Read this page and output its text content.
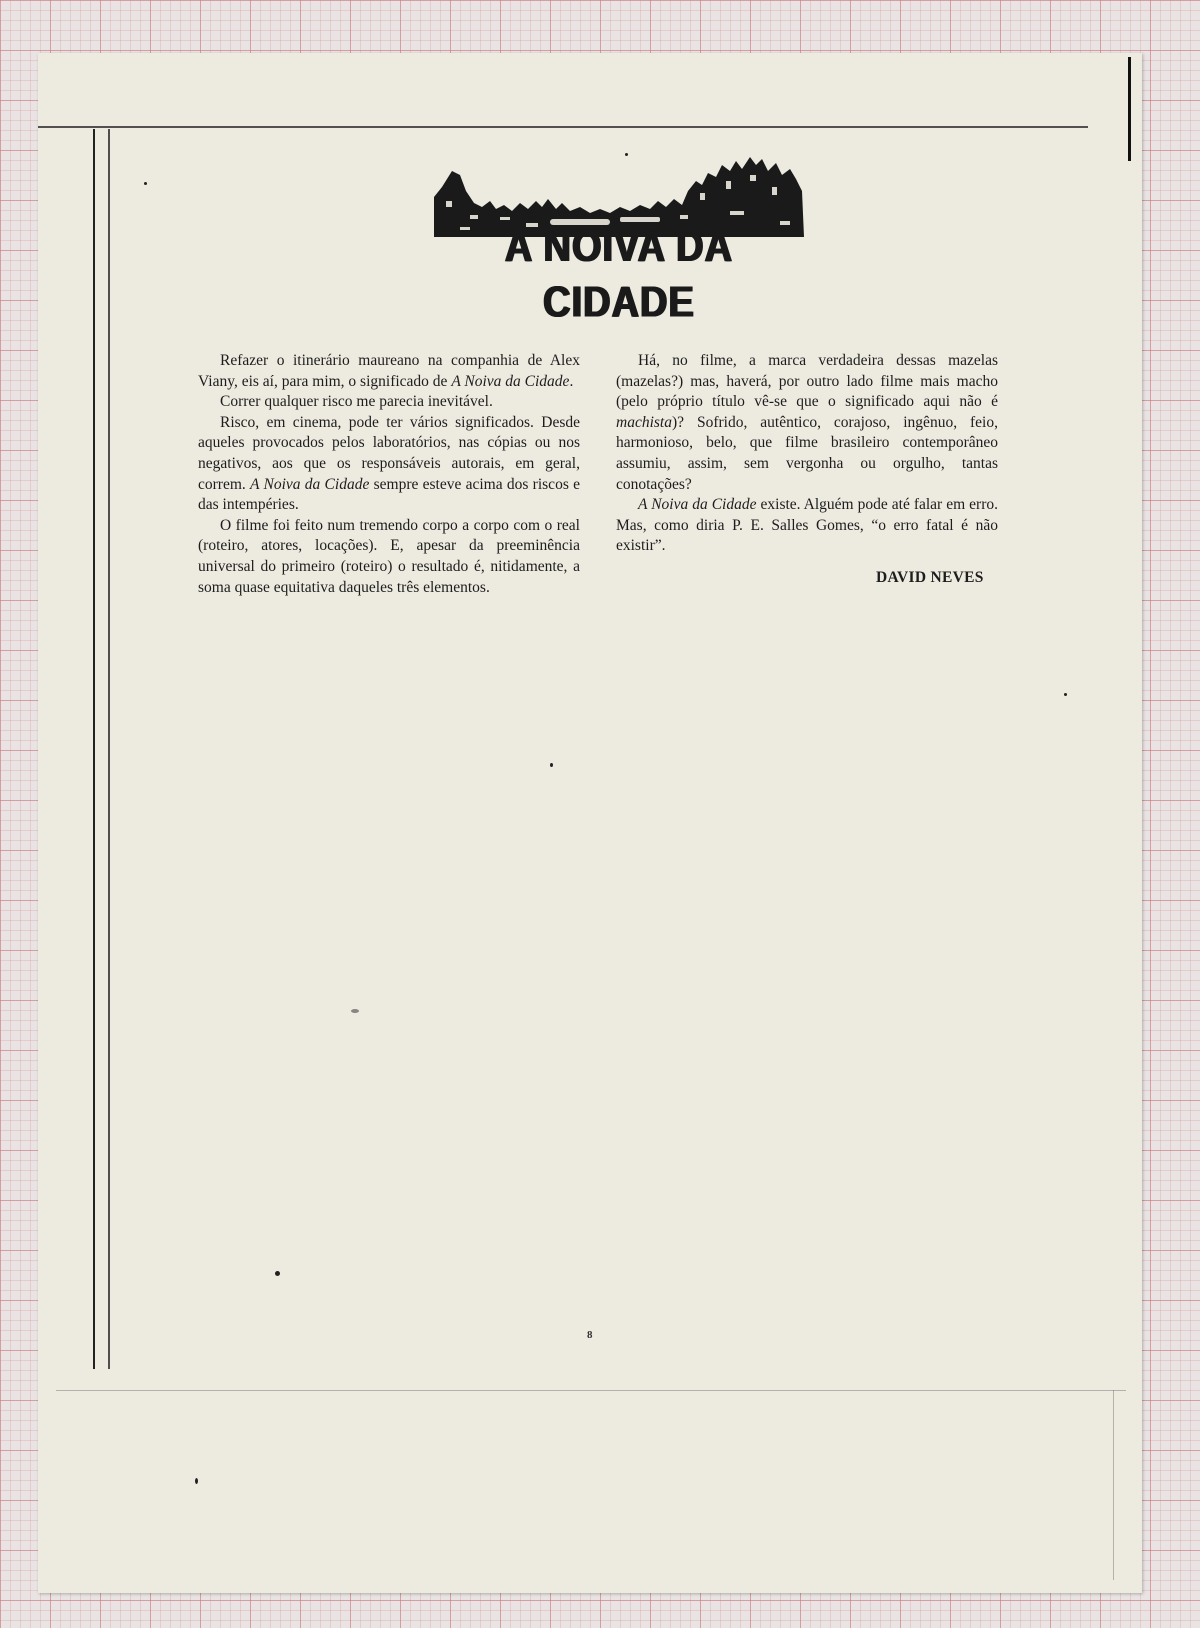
A NOIVA DA CIDADE

Refazer o itinerário maureano na companhia de Alex Viany, eis aí, para mim, o significado de A Noiva da Cidade.

Correr qualquer risco me parecia inevitável.

Risco, em cinema, pode ter vários significados. Desde aqueles provocados pelos laboratórios, nas cópias ou nos negativos, aos que os responsáveis autorais, em geral, correm. A Noiva da Cidade sempre esteve acima dos riscos e das intempéries.

O filme foi feito num tremendo corpo a corpo com o real (roteiro, atores, locações). E, apesar da preeminência universal do primeiro (roteiro) o resultado é, nitidamente, a soma quase equitativa daqueles três elementos.

Há, no filme, a marca verdadeira dessas mazelas (mazelas?) mas, haverá, por outro lado filme mais macho (pelo próprio título vê-se que o significado aqui não é machista)? Sofrido, autêntico, corajoso, ingênuo, feio, harmonioso, belo, que filme brasileiro contemporâneo assumiu, assim, sem vergonha ou orgulho, tantas conotações?

A Noiva da Cidade existe. Alguém pode até falar em erro. Mas, como diria P. E. Salles Gomes, “o erro fatal é não existir”.

DAVID NEVES
8
